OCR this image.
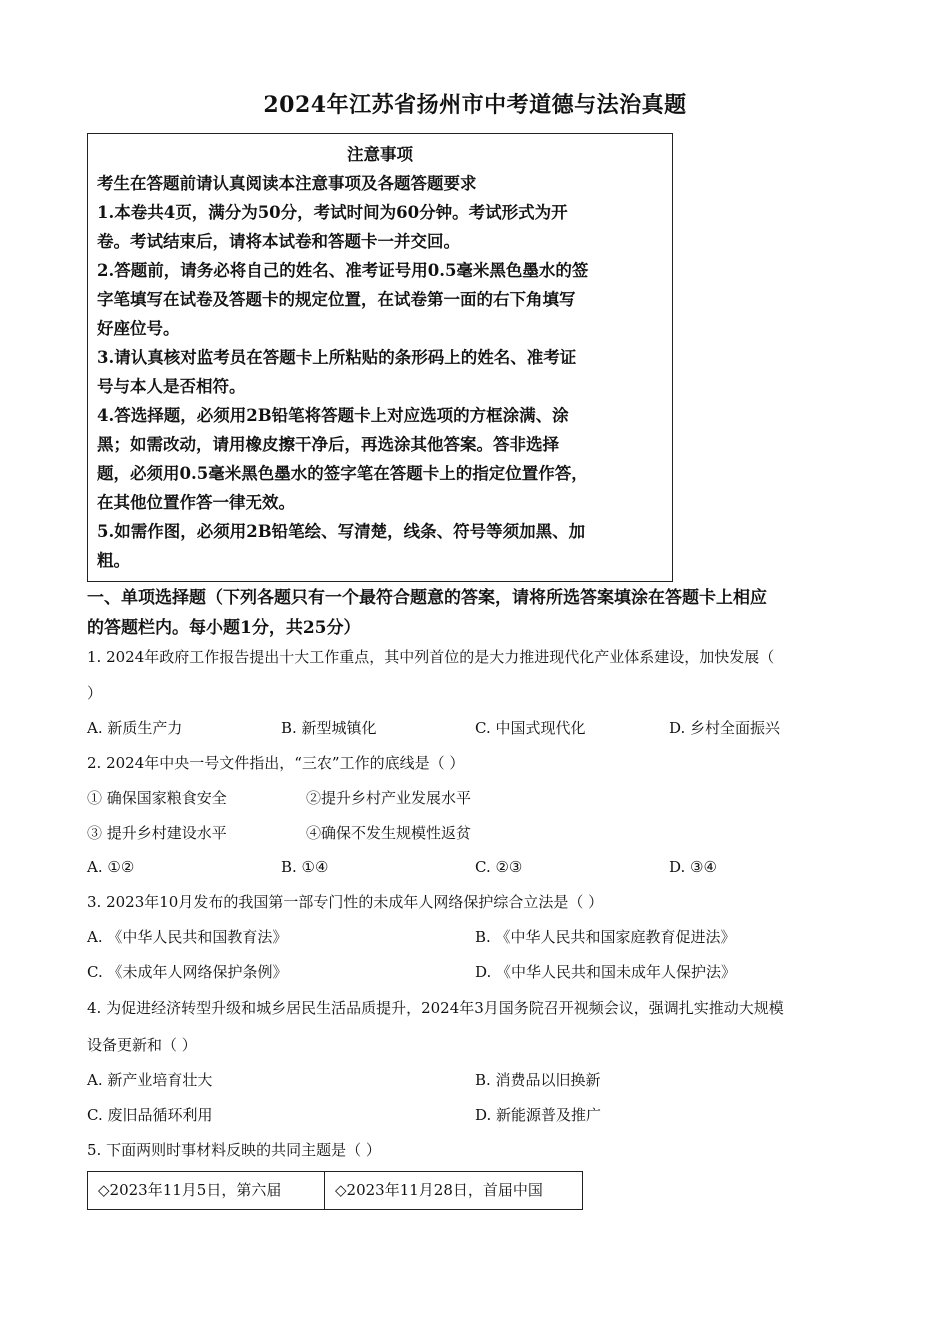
2024年江苏省扬州市中考道德与法治真题
注意事项
考生在答题前请认真阅读本注意事项及各题答题要求
1.本卷共4页，满分为50分，考试时间为60分钟。考试形式为开
卷。考试结束后，请将本试卷和答题卡一并交回。
2.答题前，请务必将自己的姓名、准考证号用0.5毫米黑色墨水的签
字笔填写在试卷及答题卡的规定位置，在试卷第一面的右下角填写
好座位号。
3.请认真核对监考员在答题卡上所粘贴的条形码上的姓名、准考证
号与本人是否相符。
4.答选择题，必须用2B铅笔将答题卡上对应选项的方框涂满、涂
黑；如需改动，请用橡皮擦干净后，再选涂其他答案。答非选择
题，必须用0.5毫米黑色墨水的签字笔在答题卡上的指定位置作答，
在其他位置作答一律无效。
5.如需作图，必须用2B铅笔绘、写清楚，线条、符号等须加黑、加
粗。
一、单项选择题（下列各题只有一个最符合题意的答案，请将所选答案填涂在答题卡上相应
的答题栏内。每小题1分，共25分）
1. 2024年政府工作报告提出十大工作重点，其中列首位的是大力推进现代化产业体系建设，加快发展（
）
A. 新质生产力	B. 新型城镇化	C. 中国式现代化	D. 乡村全面振兴
2. 2024年中央一号文件指出，“三农”工作的底线是（ ）
① 确保国家粮食安全	②提升乡村产业发展水平
③ 提升乡村建设水平	④确保不发生规模性返贫
A. ①②	B. ①④	C. ②③	D. ③④
3. 2023年10月发布的我国第一部专门性的未成年人网络保护综合立法是（ ）
A. 《中华人民共和国教育法》	B. 《中华人民共和国家庭教育促进法》
C. 《未成年人网络保护条例》	D. 《中华人民共和国未成年人保护法》
4. 为促进经济转型升级和城乡居民生活品质提升，2024年3月国务院召开视频会议，强调扎实推动大规模
设备更新和（ ）
A. 新产业培育壮大	B. 消费品以旧换新
C. 废旧品循环利用	D. 新能源普及推广
5. 下面两则时事材料反映的共同主题是（ ）
◇2023年11月5日，第六届	◇2023年11月28日，首届中国
